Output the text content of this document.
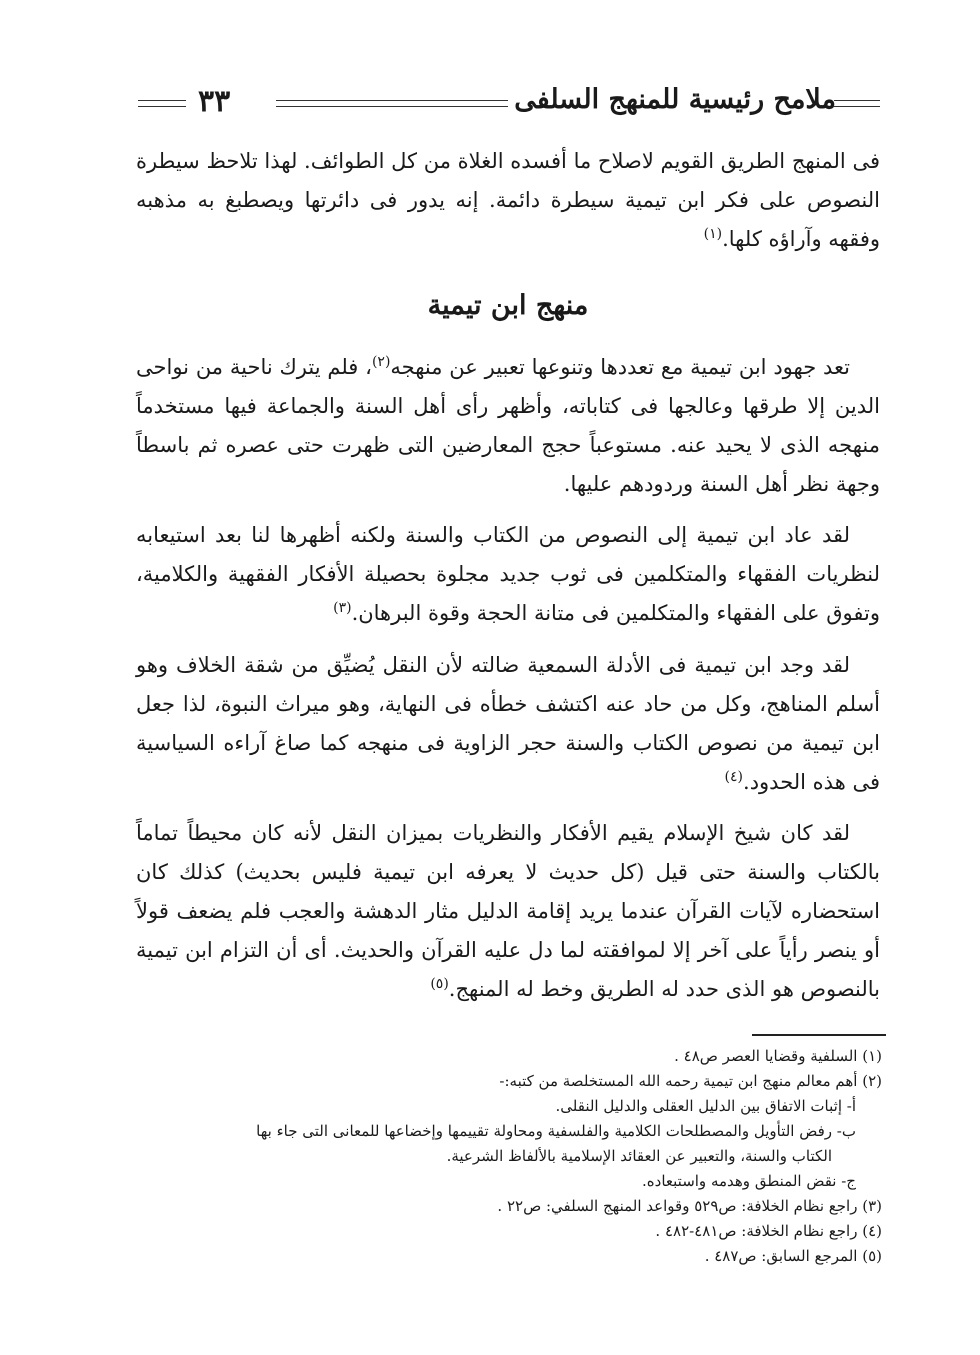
ملامح رئيسية للمنهج السلفى
٣٣
فى المنهج الطريق القويم لاصلاح ما أفسده الغلاة من كل الطوائف. لهذا تلاحظ سيطرة النصوص على فكر ابن تيمية سيطرة دائمة. إنه يدور فى دائرتها ويصطبغ به مذهبه وفقهه وآراؤه كلها.$^{(١)}$
منهج ابن تيمية
تعد جهود ابن تيمية مع تعددها وتنوعها تعبير عن منهجه$^{(٢)}$، فلم يترك ناحية من نواحى الدين إلا طرقها وعالجها فى كتاباته، وأظهر رأى أهل السنة والجماعة فيها مستخدماً منهجه الذى لا يحيد عنه. مستوعباً حجج المعارضين التى ظهرت حتى عصره ثم باسطاً وجهة نظر أهل السنة وردودهم عليها.
لقد عاد ابن تيمية إلى النصوص من الكتاب والسنة ولكنه أظهرها لنا بعد استيعابه لنظريات الفقهاء والمتكلمين فى ثوب جديد مجلوة بحصيلة الأفكار الفقهية والكلامية، وتفوق على الفقهاء والمتكلمين فى متانة الحجة وقوة البرهان.$^{(٣)}$
لقد وجد ابن تيمية فى الأدلة السمعية ضالته لأن النقل يُضيِّق من شقة الخلاف وهو أسلم المناهج، وكل من حاد عنه اكتشف خطأه فى النهاية، وهو ميراث النبوة، لذا جعل ابن تيمية من نصوص الكتاب والسنة حجر الزاوية فى منهجه كما صاغ آراءه السياسية فى هذه الحدود.$^{(٤)}$
لقد كان شيخ الإسلام يقيم الأفكار والنظريات بميزان النقل لأنه كان محيطاً تماماً بالكتاب والسنة حتى قيل (كل حديث لا يعرفه ابن تيمية فليس بحديث) كذلك كان استحضاره لآيات القرآن عندما يريد إقامة الدليل مثار الدهشة والعجب فلم يضعف قولاً أو ينصر رأياً على آخر إلا لموافقته لما دل عليه القرآن والحديث. أى أن التزام ابن تيمية بالنصوص هو الذى حدد له الطريق وخط له المنهج.$^{(٥)}$
(١) السلفية وقضايا العصر ص٤٨ .
(٢) أهم معالم منهج ابن تيمية رحمه الله المستخلصة من كتبه:-
أ- إثبات الاتفاق بين الدليل العقلى والدليل النقلى.
ب- رفض التأويل والمصطلحات الكلامية والفلسفية ومحاولة تقييمها وإخضاعها للمعانى التى جاء بها
الكتاب والسنة، والتعبير عن العقائد الإسلامية بالألفاظ الشرعية.
ج- نقض المنطق وهدمه واستبعاده.
(٣) راجع نظام الخلافة: ص٥٢٩ وقواعد المنهج السلفي: ص٢٢ .
(٤) راجع نظام الخلافة: ص٤٨١-٤٨٢ .
(٥) المرجع السابق: ص٤٨٧ .
